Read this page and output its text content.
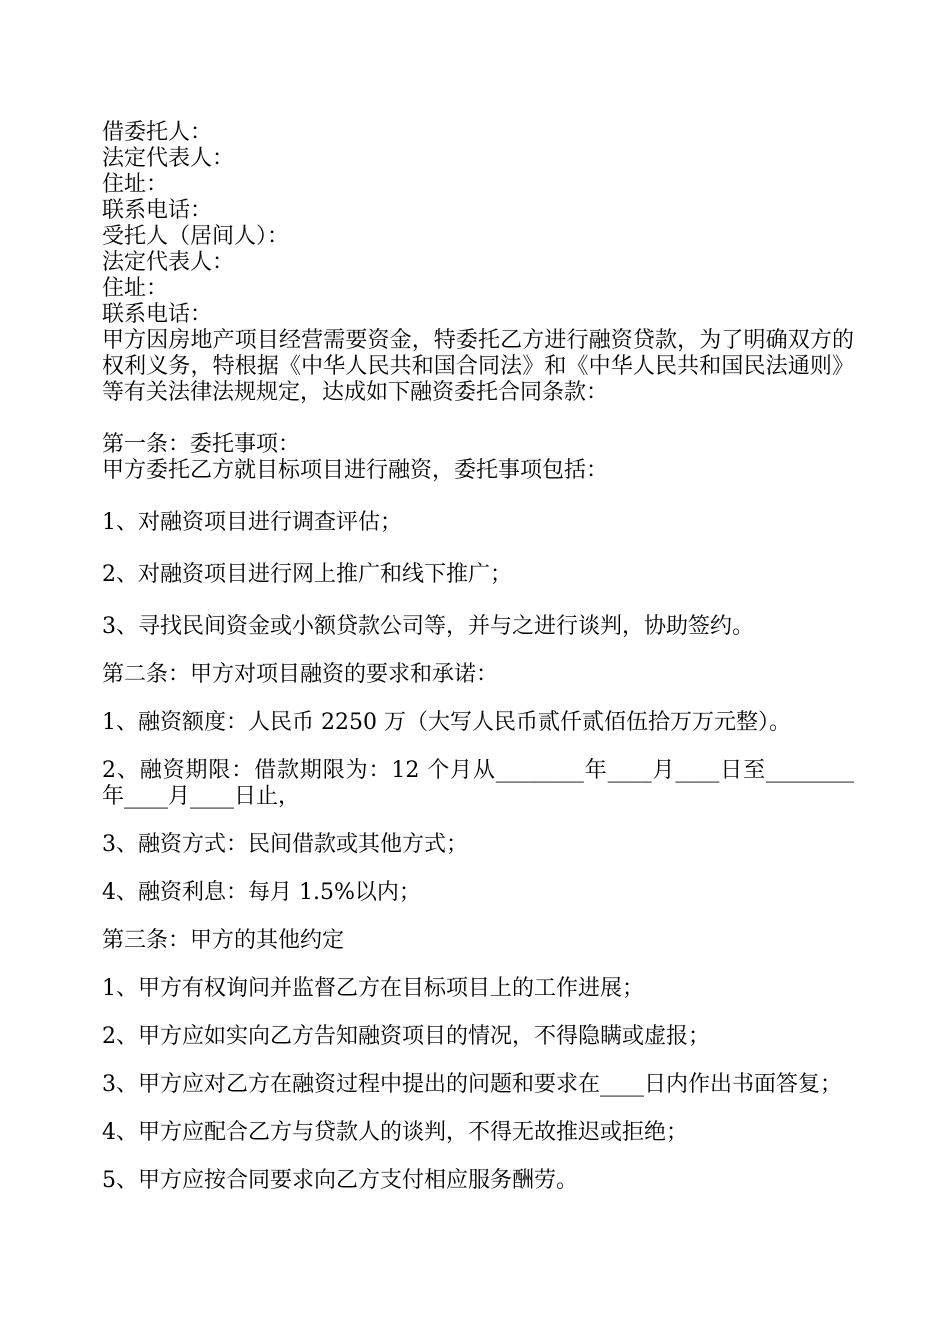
借委托人：
法定代表人：
住址：
联系电话：
受托人（居间人）：
法定代表人：
住址：
联系电话：

甲方因房地产项目经营需要资金，特委托乙方进行融资贷款，为了明确双方的权利义务，特根据《中华人民共和国合同法》和《中华人民共和国民法通则》等有关法律法规规定，达成如下融资委托合同条款：

第一条：委托事项：
甲方委托乙方就目标项目进行融资，委托事项包括：

1、对融资项目进行调查评估；

2、对融资项目进行网上推广和线下推广；

3、寻找民间资金或小额贷款公司等，并与之进行谈判，协助签约。

第二条：甲方对项目融资的要求和承诺：

1、融资额度：人民币 2250 万（大写人民币贰仟贰佰伍拾万万元整）。

2、融资期限：借款期限为：12 个月从________年____月____日至________年____月____日止，

3、融资方式：民间借款或其他方式；

4、融资利息：每月 1.5%以内；

第三条：甲方的其他约定

1、甲方有权询问并监督乙方在目标项目上的工作进展；

2、甲方应如实向乙方告知融资项目的情况，不得隐瞒或虚报；

3、甲方应对乙方在融资过程中提出的问题和要求在____日内作出书面答复；

4、甲方应配合乙方与贷款人的谈判，不得无故推迟或拒绝；

5、甲方应按合同要求向乙方支付相应服务酬劳。
